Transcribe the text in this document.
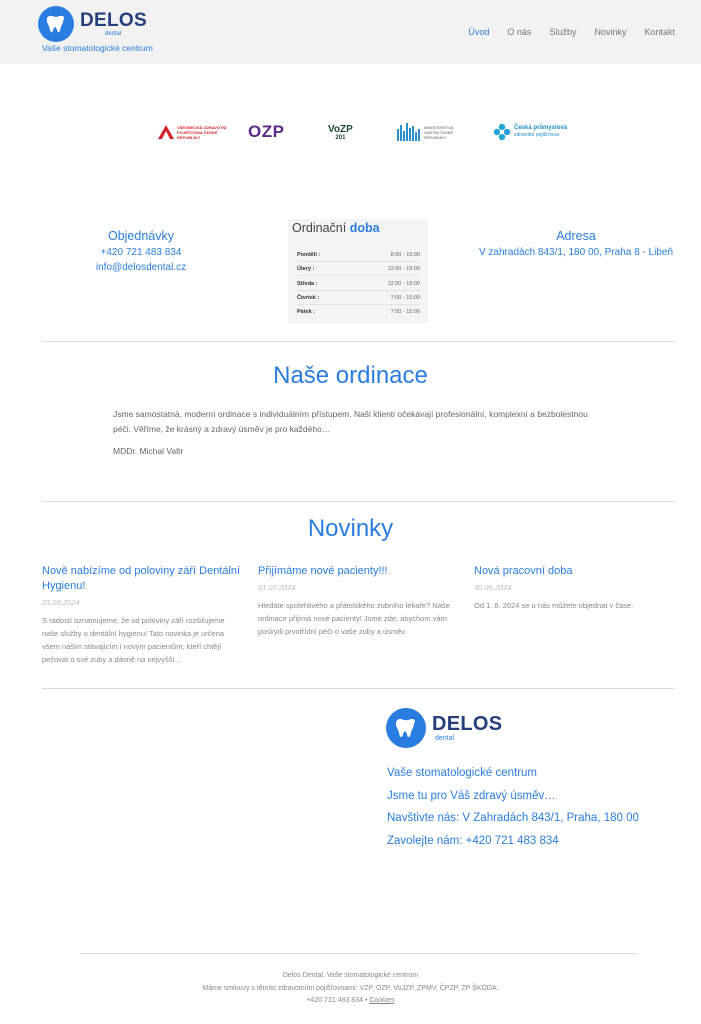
DELOS
dental
Vaše stomatologické centrum
Úvod O nás Služby Novinky Kontakt
VŠEOBECNÁ ZDRAVOTNÍ POJIŠŤOVNA ČESKÉ REPUBLIKY	OZP	VoZP
201
MINISTERSTVA VNITRA ČESKÉ REPUBLIKY
Česká průmyslová
zdravotní pojišťovna
Objednávky
+420 721 483 834
info@delosdental.cz
Ordinační doba
Pondělí :	8:00 - 15:00
Úterý :	12:00 - 19:00
Středa :	12:00 - 19:00
Čtvrtek :	7:00 - 15:00
Pátek :	7:00 - 15:00
Adresa
V zahradách 843/1, 180 00, Praha 8 - Libeň
Naše ordinace

Jsme samostatná, moderní ordinace s individuálním přístupem. Naši klienti očekávají profesionální, komplexní a bezbolestnou péči. Věříme, že krásný a zdravý úsměv je pro každého…

MDDr. Michal Valtr

Novinky
Nově nabízíme od poloviny září Dentální Hygienu!
23.09.2024
S radostí oznamujeme, že od poloviny září rozšiřujeme naše služby o dentální hygienu! Tato novinka je určena všem našim stávajícím i novým pacientům, kteří chtějí pečovat o své zuby a dásně na nejvyšší…
Přijímáme nové pacienty!!!
01.07.2024
Hledáte spolehlivého a přátelského zubního lékaře? Naše ordinace přijímá nové pacienty! Jsme zde, abychom vám poskytli prvotřídní péči o vaše zuby a úsměv.
Nová pracovní doba
30.06.2024
Od 1. 8. 2024 se u nás můžete objednat v čase:
DELOS
dental
Vaše stomatologické centrum
Jsme tu pro Váš zdravý úsměv…
Navštivte nás: V Zahradách 843/1, Praha, 180 00
Zavolejte nám: +420 721 483 834
Delos Dental. Vaše stomatologické centrum
Máme smlouvy s těmito zdravotními pojišťovnami: VZP, OZP, VoJZP, ZPMV, ČPZP, ZP ŠKODA.
+420 721 483 834 • Cookies
